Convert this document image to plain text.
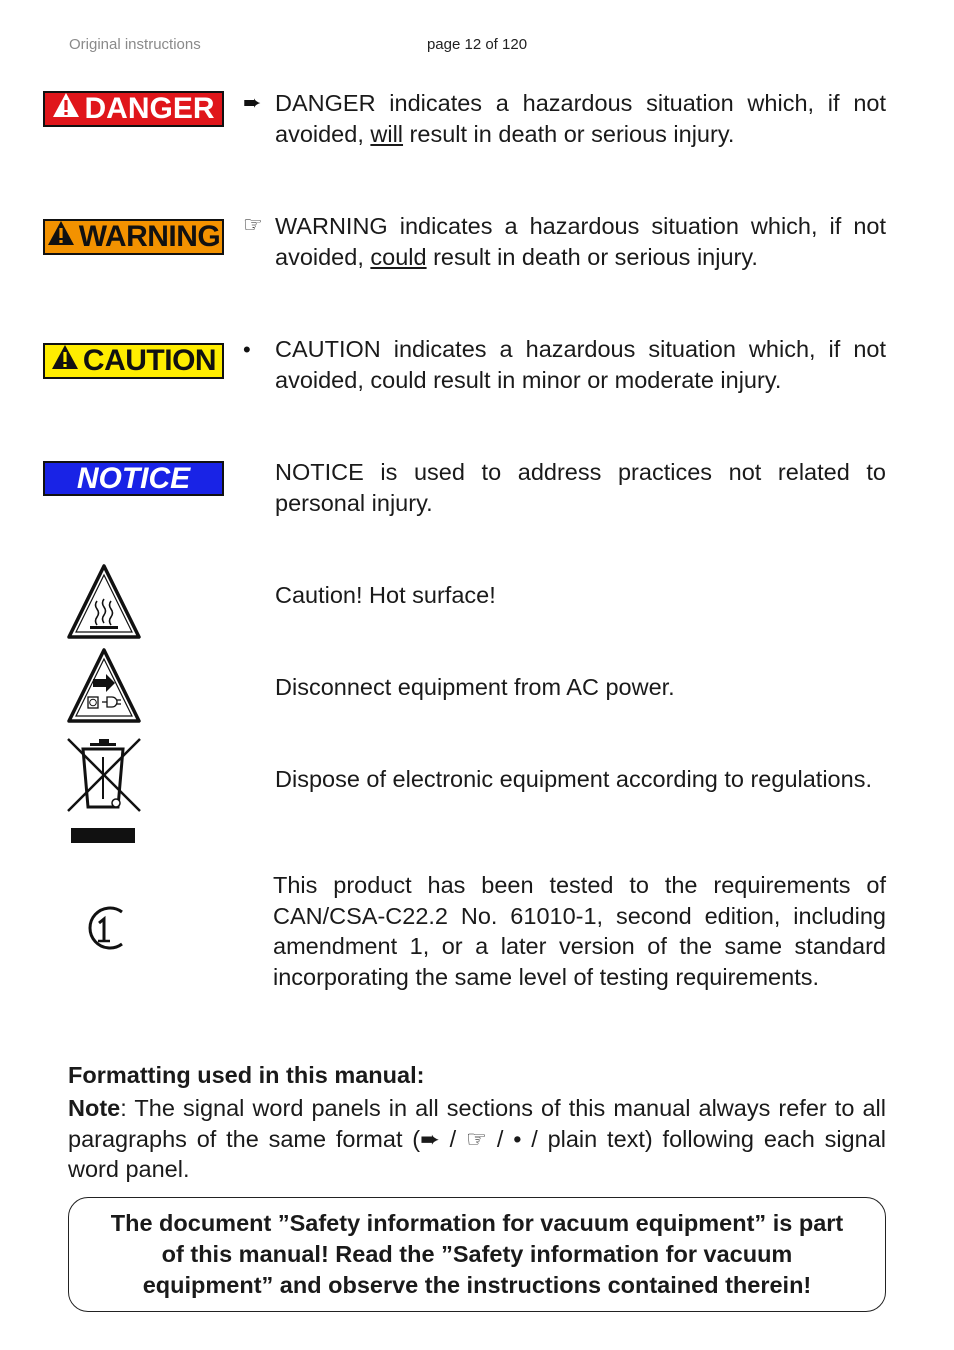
Original instructions	page 12 of 120
DANGER ➨ DANGER indicates a hazardous situation which, if not avoided, will result in death or serious injury.
WARNING ☞ WARNING indicates a hazardous situation which, if not avoided, could result in death or serious injury.
CAUTION • CAUTION indicates a hazardous situation which, if not avoided, could result in minor or moderate injury.
NOTICE	NOTICE is used to address practices not related to personal injury.
Caution! Hot surface!
Disconnect equipment from AC power.
Dispose of electronic equipment according to regulations.
This product has been tested to the requirements of CAN/CSA-C22.2 No. 61010-1, second edition, including amendment 1, or a later version of the same standard incorporating the same level of testing requirements.
Formatting used in this manual:
Note: The signal word panels in all sections of this manual always refer to all paragraphs of the same format (➨ / ☞ / • / plain text) following each signal word panel.
The document ”Safety information for vacuum equipment” is part of this manual! Read the ”Safety information for vacuum equipment” and observe the instructions contained therein!
